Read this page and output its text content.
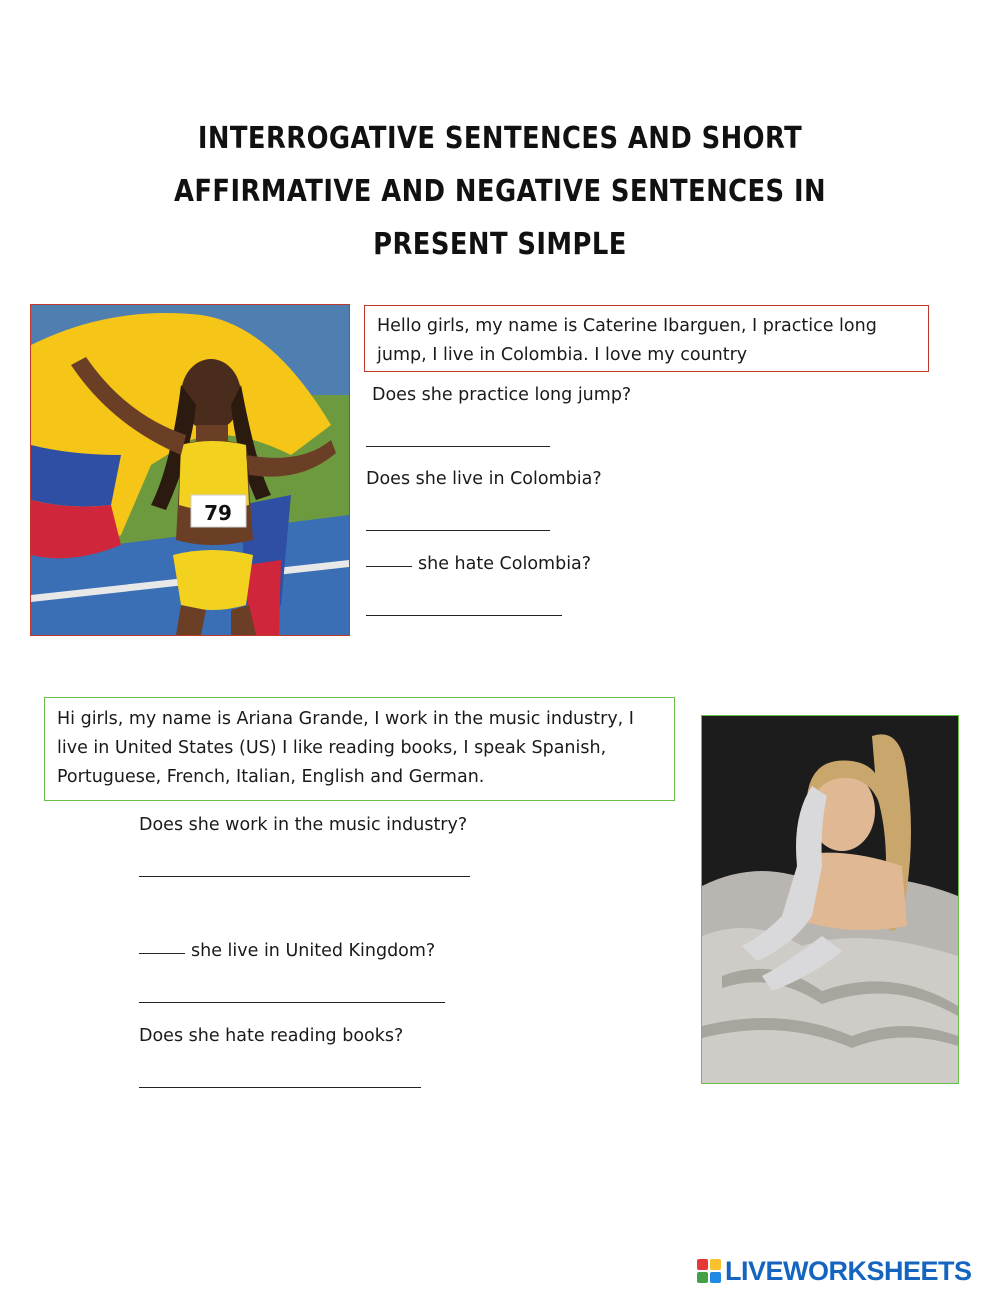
INTERROGATIVE SENTENCES AND SHORT
AFFIRMATIVE AND NEGATIVE SENTENCES IN
PRESENT SIMPLE
79
Hello girls, my name is Caterine Ibarguen, I practice long
jump, I live in Colombia. I love my country
Does she practice long jump?
Does she live in Colombia?
she hate Colombia?
Hi girls, my name is Ariana Grande, I work in the music industry, I
live in United States (US) I like reading books, I speak Spanish,
Portuguese, French, Italian, English and German.
Does she work in the music industry?
she live in United Kingdom?
Does she hate reading books?
LIVEWORKSHEETS
